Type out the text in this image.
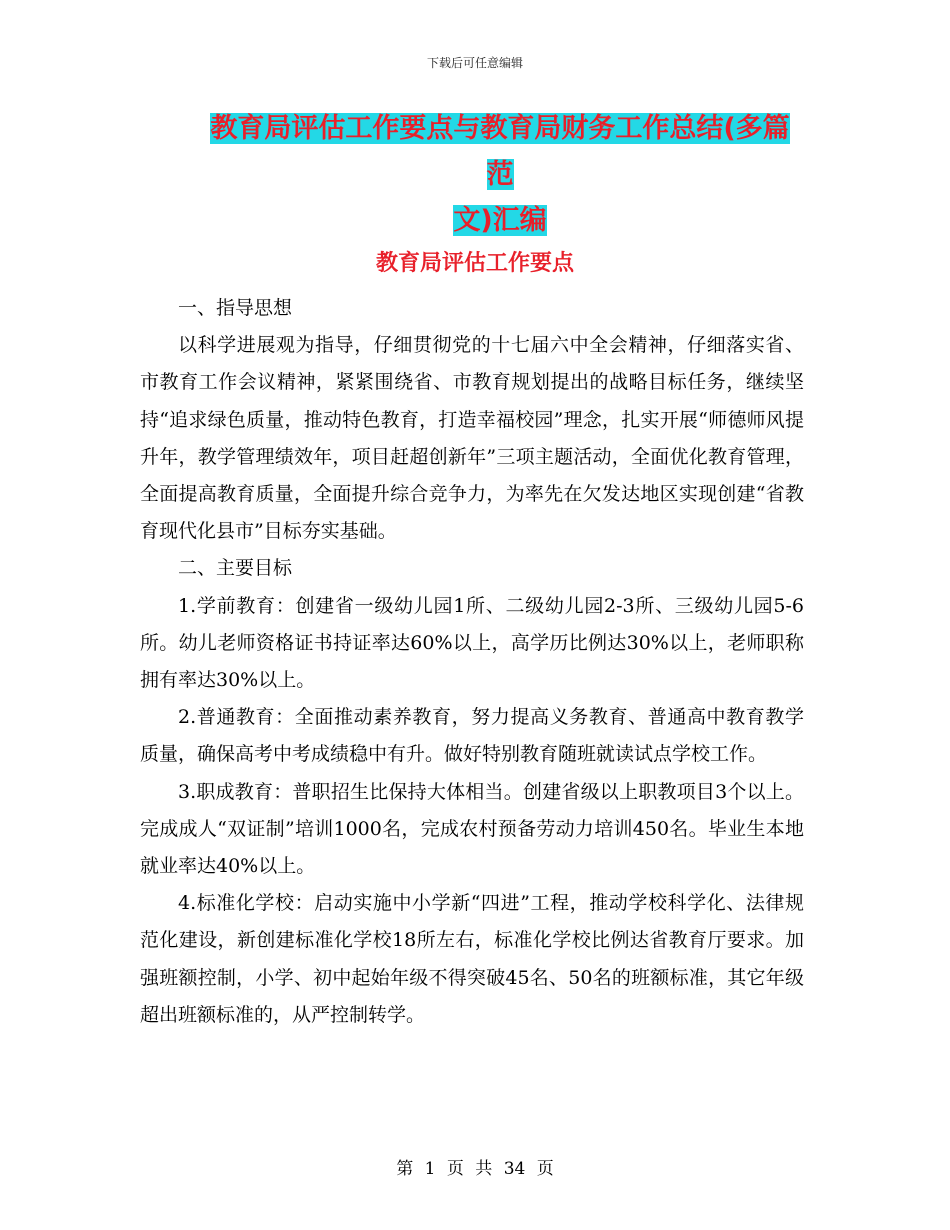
下载后可任意编辑
教育局评估工作要点与教育局财务工作总结(多篇范
文)汇编
教育局评估工作要点

一、指导思想

以科学进展观为指导，仔细贯彻党的十七届六中全会精神，仔细落实省、市教育工作会议精神，紧紧围绕省、市教育规划提出的战略目标任务，继续坚持“追求绿色质量，推动特色教育，打造幸福校园”理念，扎实开展“师德师风提升年，教学管理绩效年，项目赶超创新年”三项主题活动，全面优化教育管理，全面提高教育质量，全面提升综合竞争力，为率先在欠发达地区实现创建“省教育现代化县市”目标夯实基础。

二、主要目标

1.学前教育：创建省一级幼儿园1所、二级幼儿园2-3所、三级幼儿园5-6所。幼儿老师资格证书持证率达60%以上，高学历比例达30%以上，老师职称拥有率达30%以上。

2.普通教育：全面推动素养教育，努力提高义务教育、普通高中教育教学质量，确保高考中考成绩稳中有升。做好特别教育随班就读试点学校工作。

3.职成教育：普职招生比保持大体相当。创建省级以上职教项目3个以上。完成成人“双证制”培训1000名，完成农村预备劳动力培训450名。毕业生本地就业率达40%以上。

4.标准化学校：启动实施中小学新“四进”工程，推动学校科学化、法律规范化建设，新创建标准化学校18所左右，标准化学校比例达省教育厅要求。加强班额控制，小学、初中起始年级不得突破45名、50名的班额标准，其它年级超出班额标准的，从严控制转学。

第 1 页 共 34 页
